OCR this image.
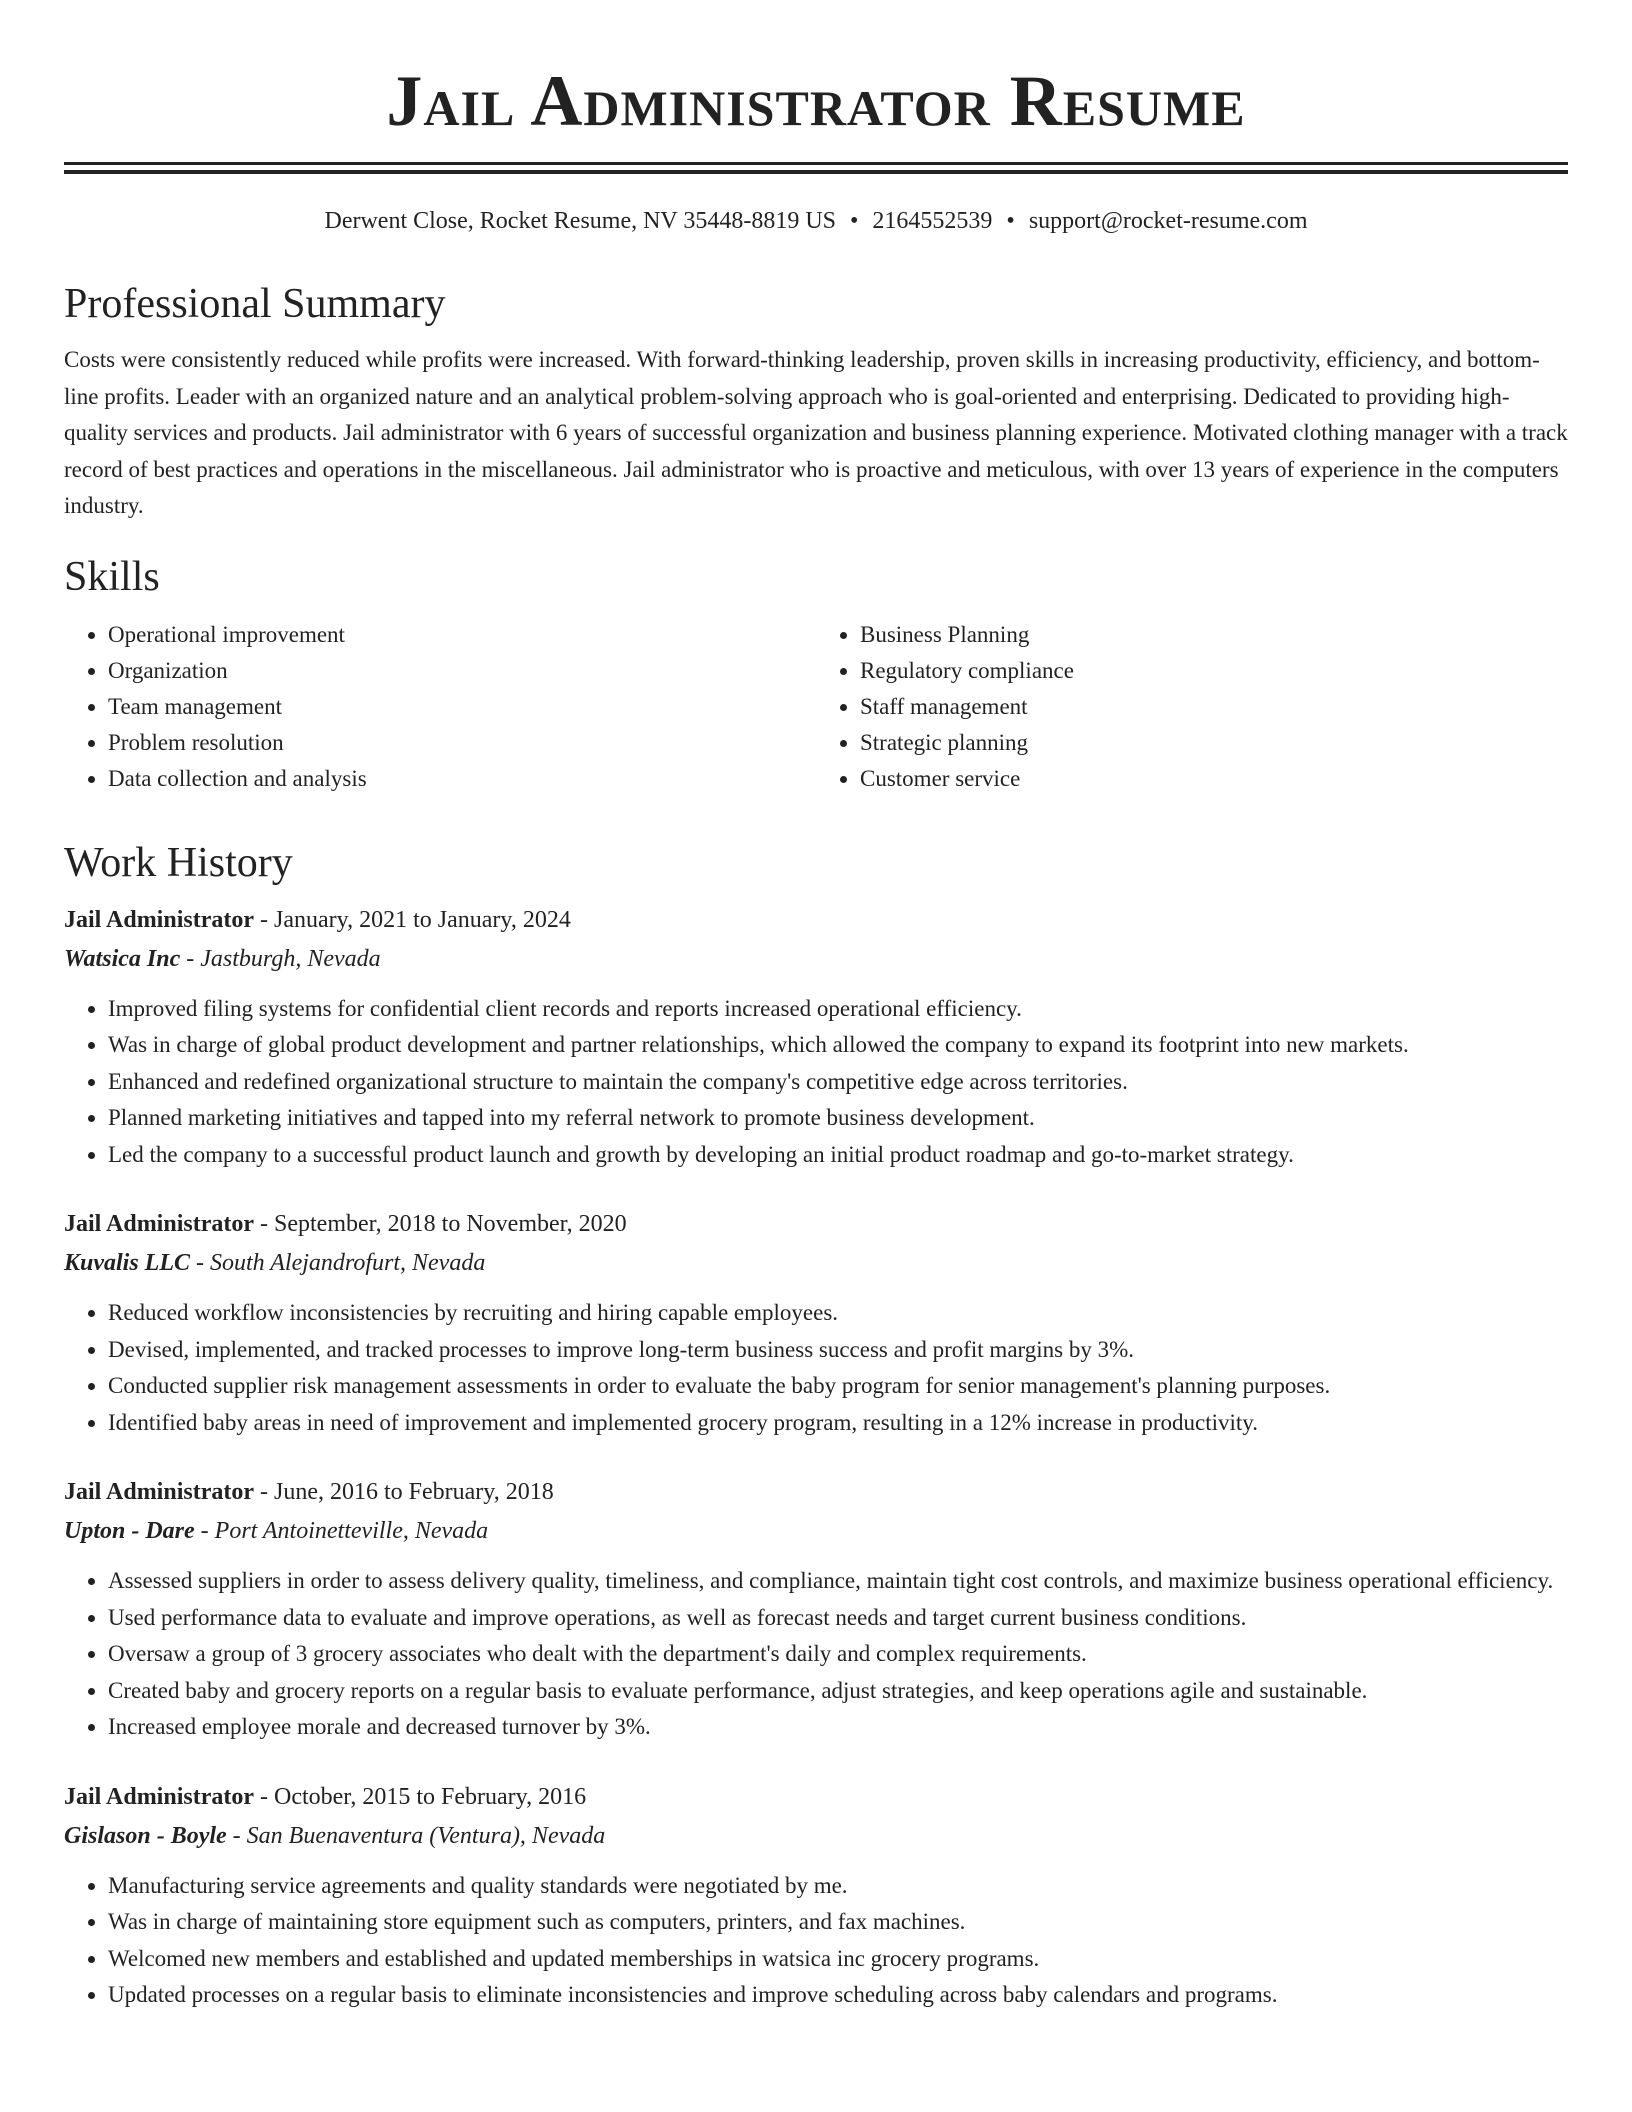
Jail Administrator Resume
Derwent Close, Rocket Resume, NV 35448-8819 US • 2164552539 • support@rocket-resume.com
Professional Summary

Costs were consistently reduced while profits were increased. With forward-thinking leadership, proven skills in increasing productivity, efficiency, and bottom-line profits. Leader with an organized nature and an analytical problem-solving approach who is goal-oriented and enterprising. Dedicated to providing high-quality services and products. Jail administrator with 6 years of successful organization and business planning experience. Motivated clothing manager with a track record of best practices and operations in the miscellaneous. Jail administrator who is proactive and meticulous, with over 13 years of experience in the computers industry.

Skills
• Operational improvement
• Organization
• Team management
• Problem resolution
• Data collection and analysis
• Business Planning
• Regulatory compliance
• Staff management
• Strategic planning
• Customer service
Work History
Jail Administrator - January, 2021 to January, 2024
Watsica Inc - Jastburgh, Nevada
• Improved filing systems for confidential client records and reports increased operational efficiency.
• Was in charge of global product development and partner relationships, which allowed the company to expand its footprint into new markets.
• Enhanced and redefined organizational structure to maintain the company's competitive edge across territories.
• Planned marketing initiatives and tapped into my referral network to promote business development.
• Led the company to a successful product launch and growth by developing an initial product roadmap and go-to-market strategy.
Jail Administrator - September, 2018 to November, 2020
Kuvalis LLC - South Alejandrofurt, Nevada
• Reduced workflow inconsistencies by recruiting and hiring capable employees.
• Devised, implemented, and tracked processes to improve long-term business success and profit margins by 3%.
• Conducted supplier risk management assessments in order to evaluate the baby program for senior management's planning purposes.
• Identified baby areas in need of improvement and implemented grocery program, resulting in a 12% increase in productivity.
Jail Administrator - June, 2016 to February, 2018
Upton - Dare - Port Antoinetteville, Nevada
• Assessed suppliers in order to assess delivery quality, timeliness, and compliance, maintain tight cost controls, and maximize business operational efficiency.
• Used performance data to evaluate and improve operations, as well as forecast needs and target current business conditions.
• Oversaw a group of 3 grocery associates who dealt with the department's daily and complex requirements.
• Created baby and grocery reports on a regular basis to evaluate performance, adjust strategies, and keep operations agile and sustainable.
• Increased employee morale and decreased turnover by 3%.
Jail Administrator - October, 2015 to February, 2016
Gislason - Boyle - San Buenaventura (Ventura), Nevada
• Manufacturing service agreements and quality standards were negotiated by me.
• Was in charge of maintaining store equipment such as computers, printers, and fax machines.
• Welcomed new members and established and updated memberships in watsica inc grocery programs.
• Updated processes on a regular basis to eliminate inconsistencies and improve scheduling across baby calendars and programs.
